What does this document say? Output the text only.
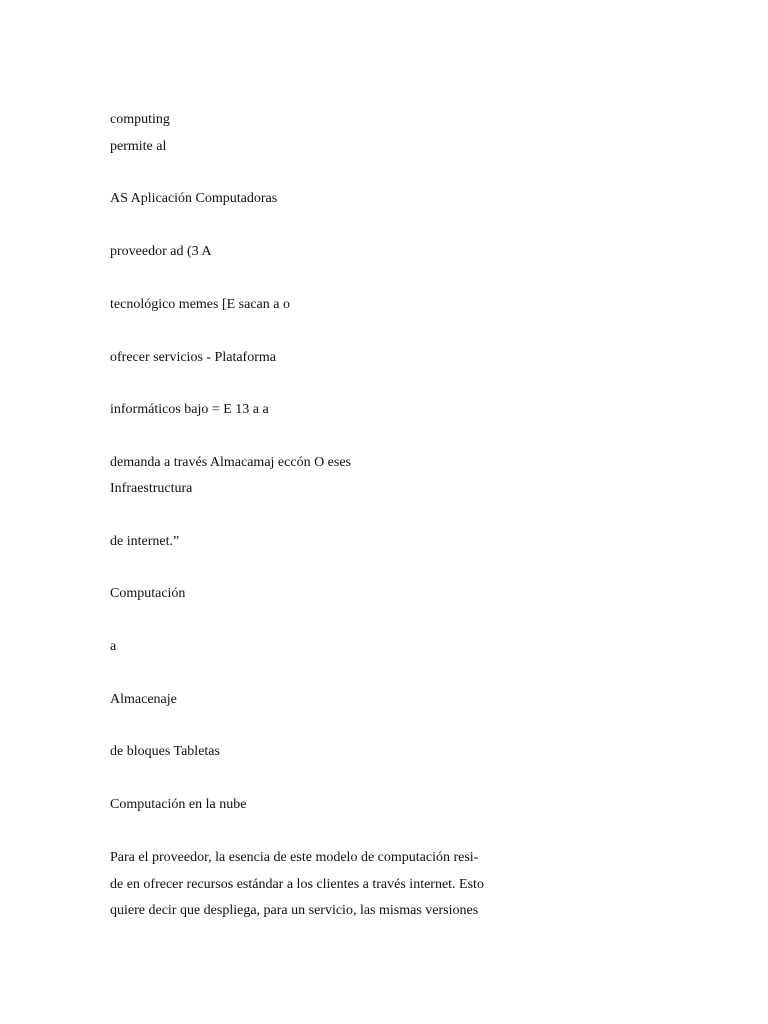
computing
permite al
AS Aplicación Computadoras
proveedor ad (3 A
tecnológico memes [E sacan a o
ofrecer servicios - Plataforma
informáticos bajo = E 13 a a
demanda a través Almacamaj eccón O eses
Infraestructura
de internet.”
Computación
a
Almacenaje
de bloques Tabletas
Computación en la nube
Para el proveedor, la esencia de este modelo de computación resi-
de en ofrecer recursos estándar a los clientes a través internet. Esto
quiere decir que despliega, para un servicio, las mismas versiones
